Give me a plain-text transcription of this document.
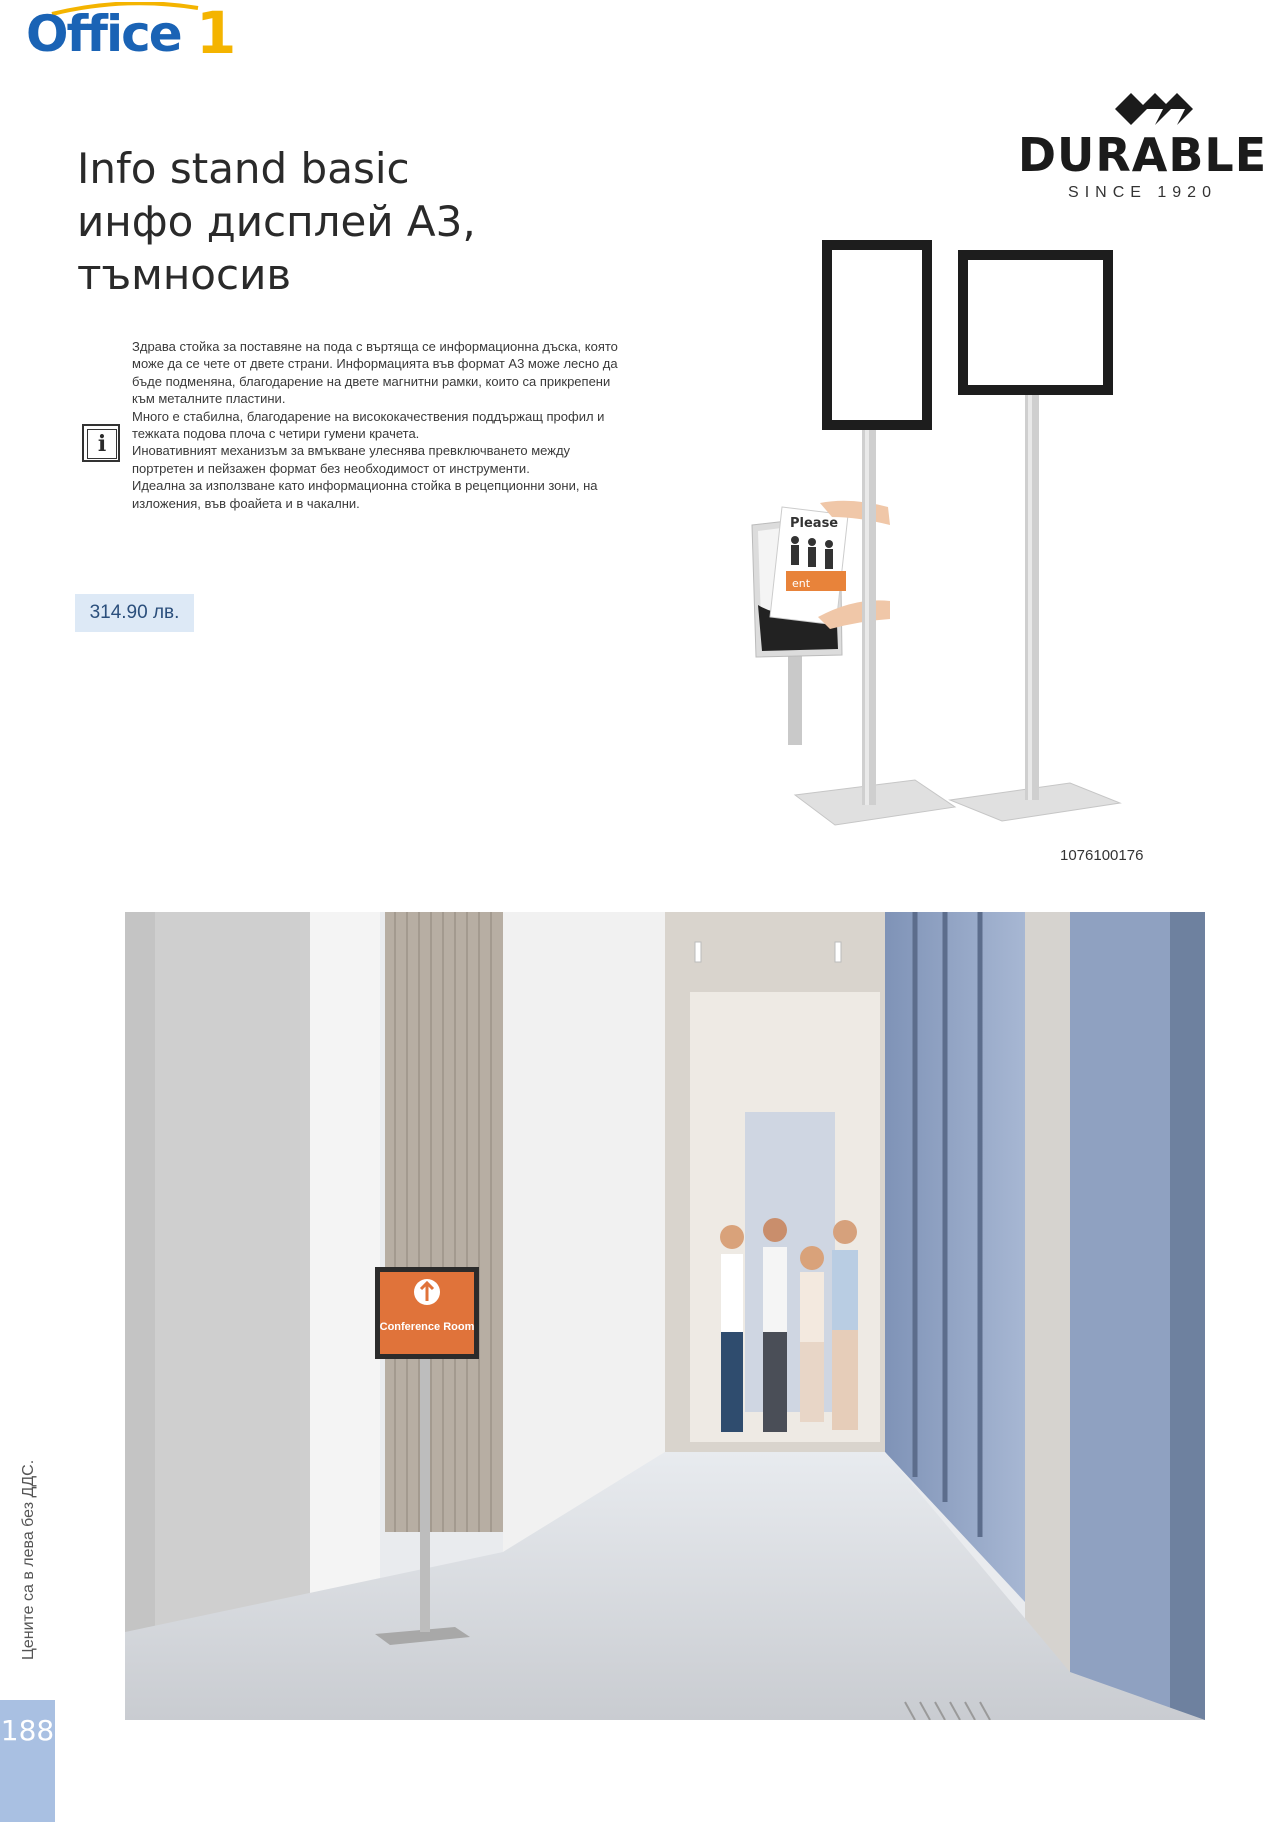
Office 1
DURABLE
SINCE 1920
Info stand basic
инфо дисплей А3,
тъмносив
i

Здрава стойка за поставяне на пода с въртяща се информационна дъска, която може да се чете от двете страни. Информацията във формат А3 може лесно да бъде подменяна, благодарение на двете магнитни рамки, които са прикрепени към металните пластини.

Много е стабилна, благодарение на висококачествения поддържащ профил и тежката подова плоча с четири гумени крачета.

Иновативният механизъм за вмъкване улеснява превключването между портретен и пейзажен формат без необходимост от инструменти.

Идеална за използване като информационна стойка в рецепционни зони, на изложения, във фоайета и в чакални.

314.90 лв.
Please
ent
1076100176
Conference Room
Цените са в лева без ДДС.
188
